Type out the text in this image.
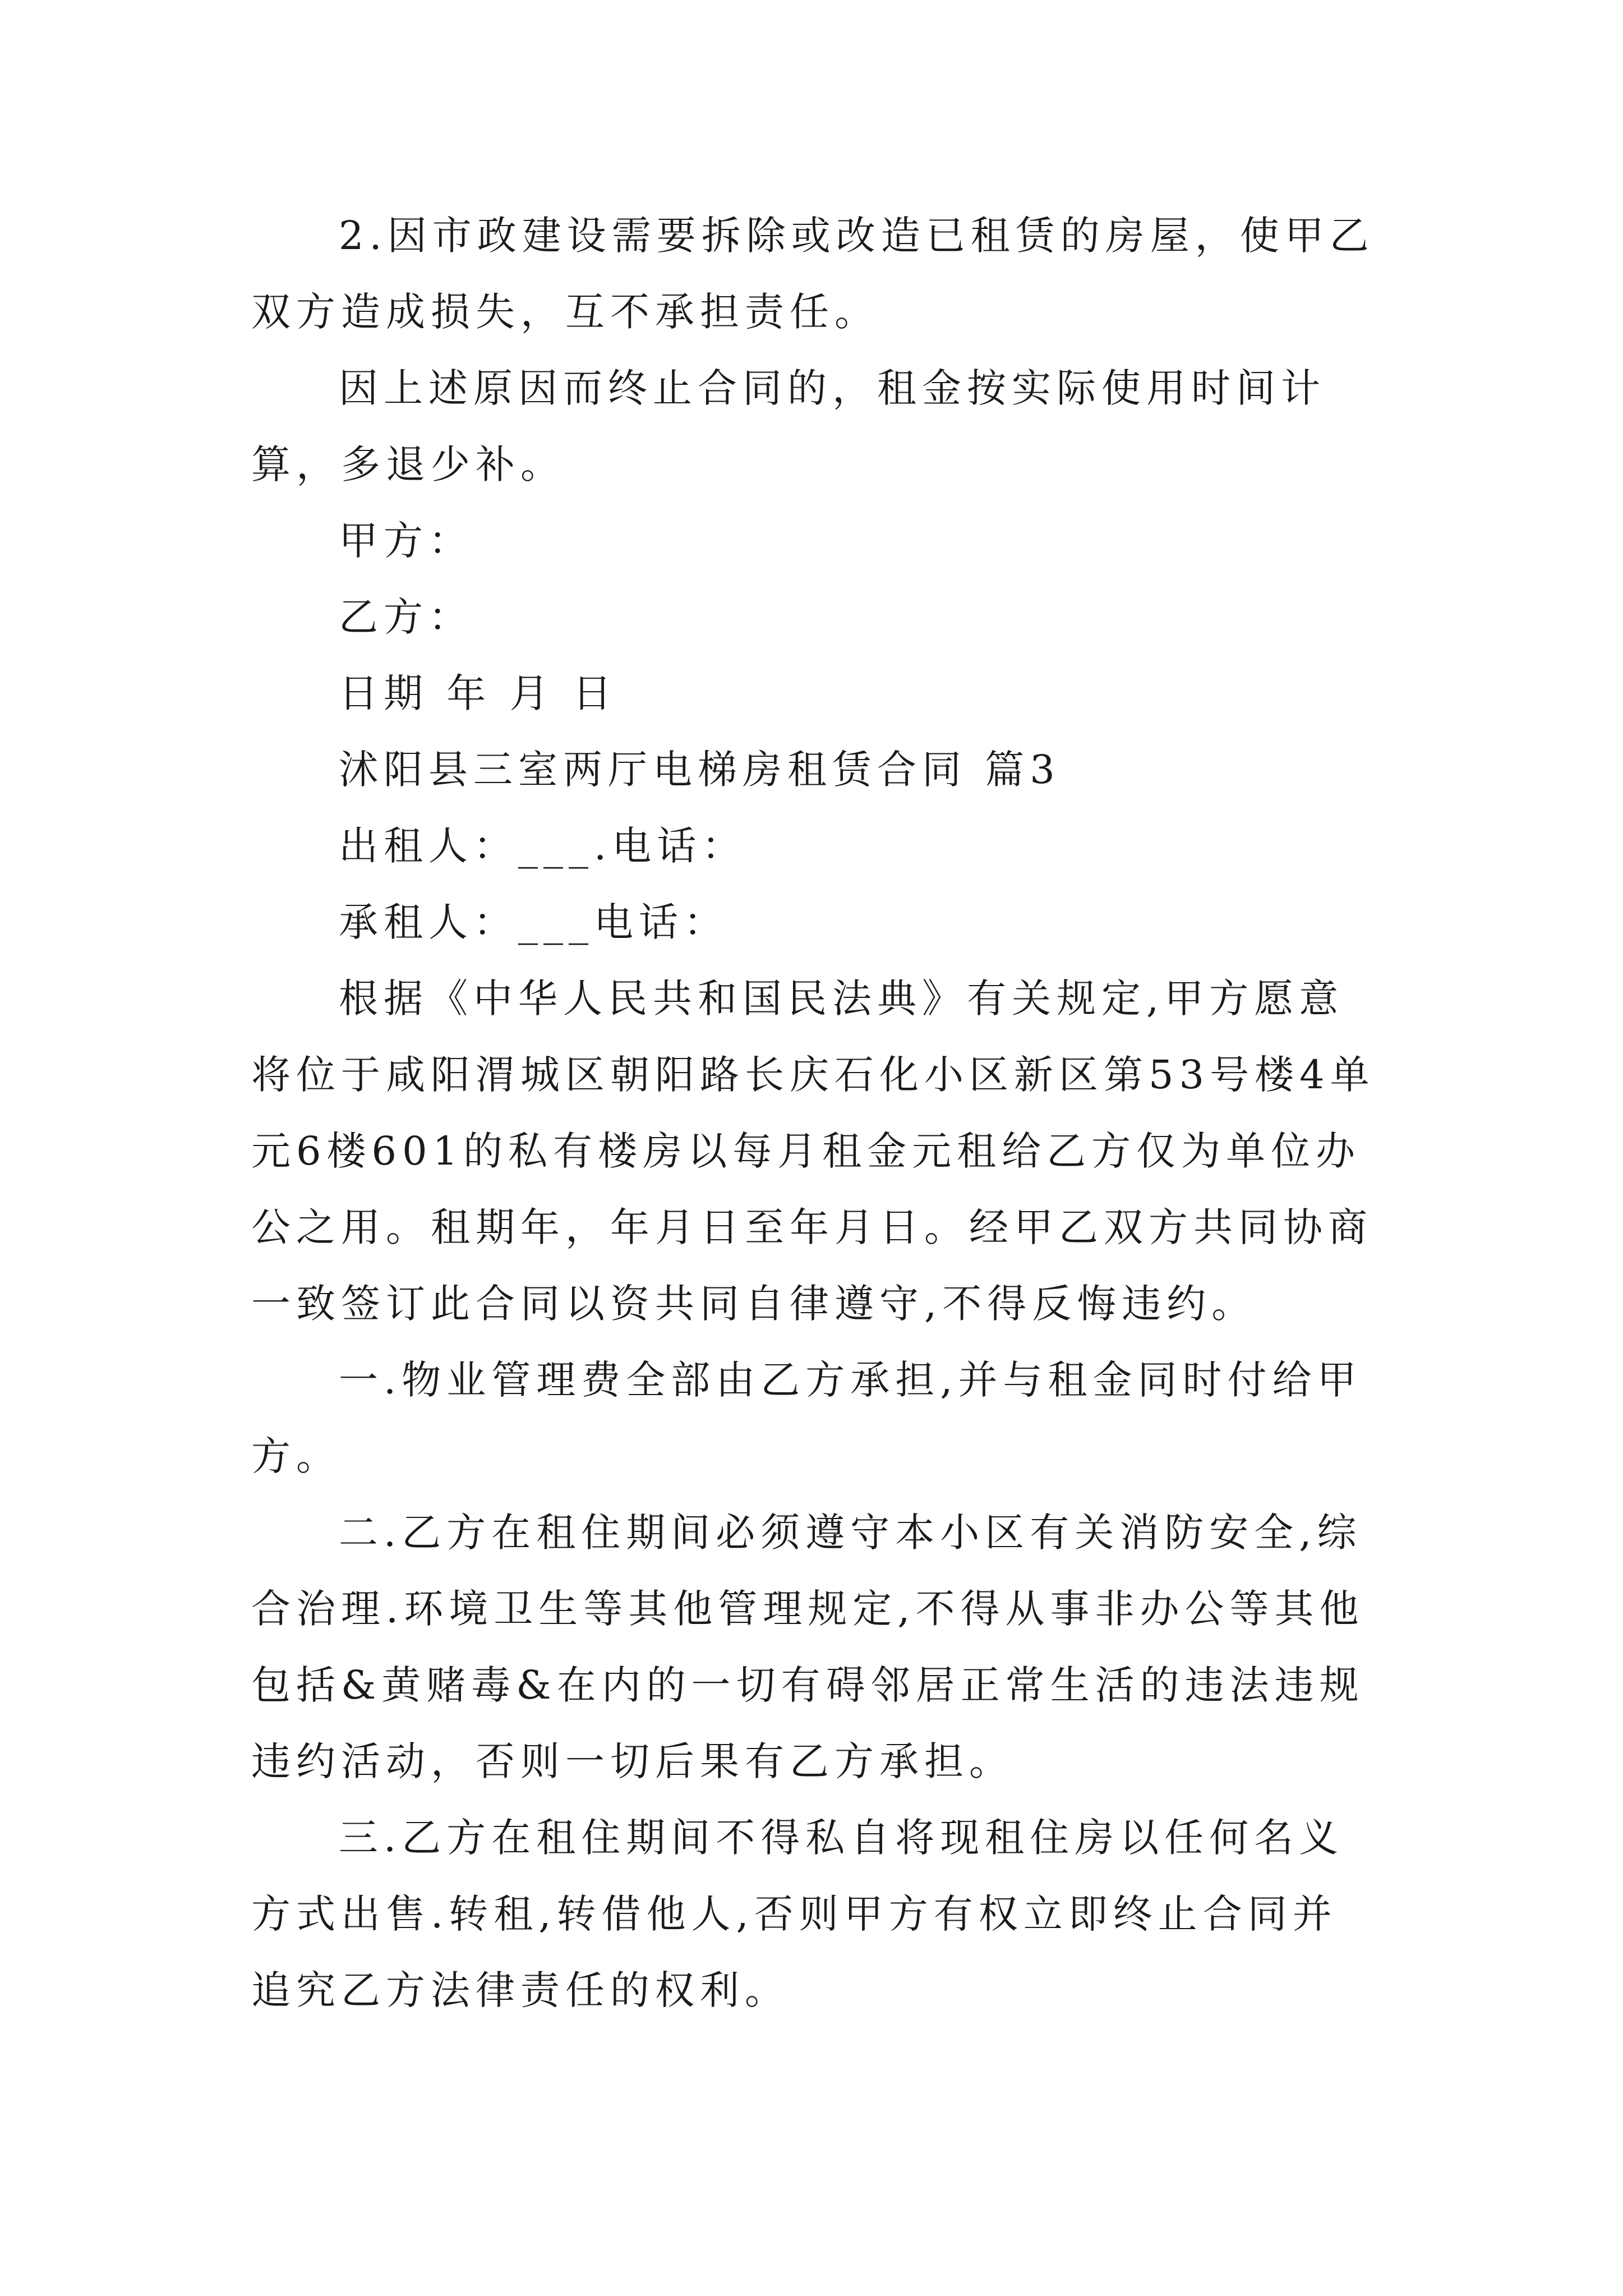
2.因市政建设需要拆除或改造已租赁的房屋，使甲乙双方造成损失，互不承担责任。

因上述原因而终止合同的，租金按实际使用时间计算，多退少补。

甲方：

乙方：

日期 年 月 日

沭阳县三室两厅电梯房租赁合同 篇3

出租人：___.电话：

承租人：___电话：

根据《中华人民共和国民法典》有关规定,甲方愿意将位于咸阳渭城区朝阳路长庆石化小区新区第53号楼4单元6楼601的私有楼房以每月租金元租给乙方仅为单位办公之用。租期年，年月日至年月日。经甲乙双方共同协商一致签订此合同以资共同自律遵守,不得反悔违约。

一.物业管理费全部由乙方承担,并与租金同时付给甲方。

二.乙方在租住期间必须遵守本小区有关消防安全,综合治理.环境卫生等其他管理规定,不得从事非办公等其他包括&黄赌毒&在内的一切有碍邻居正常生活的违法违规违约活动，否则一切后果有乙方承担。

三.乙方在租住期间不得私自将现租住房以任何名义方式出售.转租,转借他人,否则甲方有权立即终止合同并追究乙方法律责任的权利。
